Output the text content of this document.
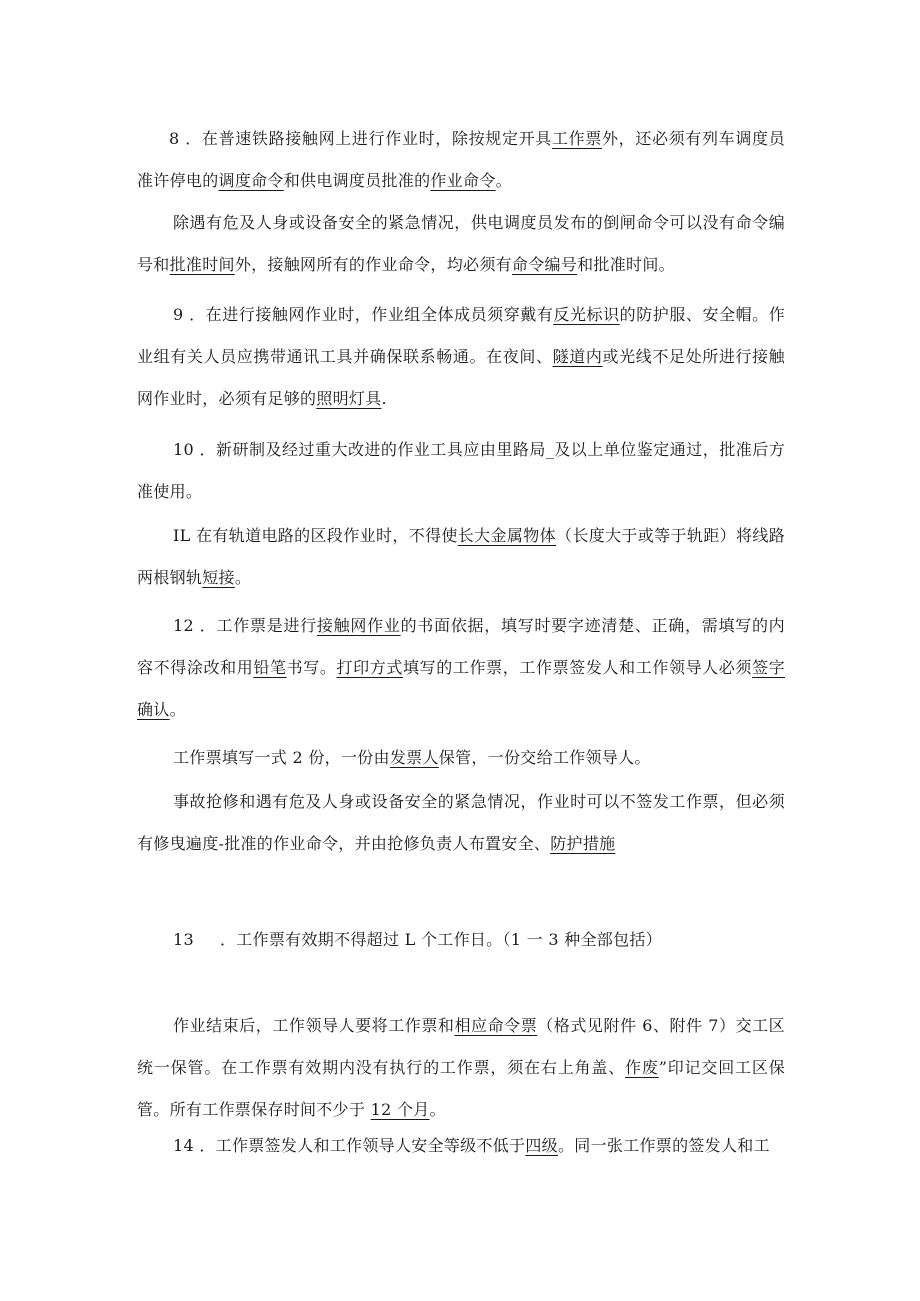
8 ．在普速铁路接触网上进行作业时，除按规定开具工作票外，还必须有列车调度员准许停电的调度命令和供电调度员批准的作业命令。

除遇有危及人身或设备安全的紧急情况，供电调度员发布的倒闸命令可以没有命令编号和批准时间外，接触网所有的作业命令，均必须有命令编号和批准时间。

9 ．在进行接触网作业时，作业组全体成员须穿戴有反光标识的防护服、安全帽。作业组有关人员应携带通讯工具并确保联系畅通。在夜间、隧道内或光线不足处所进行接触网作业时，必须有足够的照明灯具.

10 ．新研制及经过重大改进的作业工具应由里路局_及以上单位鉴定通过，批准后方准使用。

IL 在有轨道电路的区段作业时，不得使长大金属物体（长度大于或等于轨距）将线路两根钢轨短接。

12 ．工作票是进行接触网作业的书面依据，填写时要字迹清楚、正确，需填写的内容不得涂改和用铅笔书写。打印方式填写的工作票，工作票签发人和工作领导人必须签字确认。

工作票填写一式 2 份，一份由发票人保管，一份交给工作领导人。

事故抢修和遇有危及人身或设备安全的紧急情况，作业时可以不签发工作票，但必须有修曳遍度-批准的作业命令，并由抢修负责人布置安全、防护措施

13 ．工作票有效期不得超过 L 个工作日。（1 一 3 种全部包括）

作业结束后，工作领导人要将工作票和相应命令票（格式见附件 6、附件 7）交工区统一保管。在工作票有效期内没有执行的工作票，须在右上角盖、作废”印记交回工区保管。所有工作票保存时间不少于 12 个月。

14 ．工作票签发人和工作领导人安全等级不低于四级。同一张工作票的签发人和工
